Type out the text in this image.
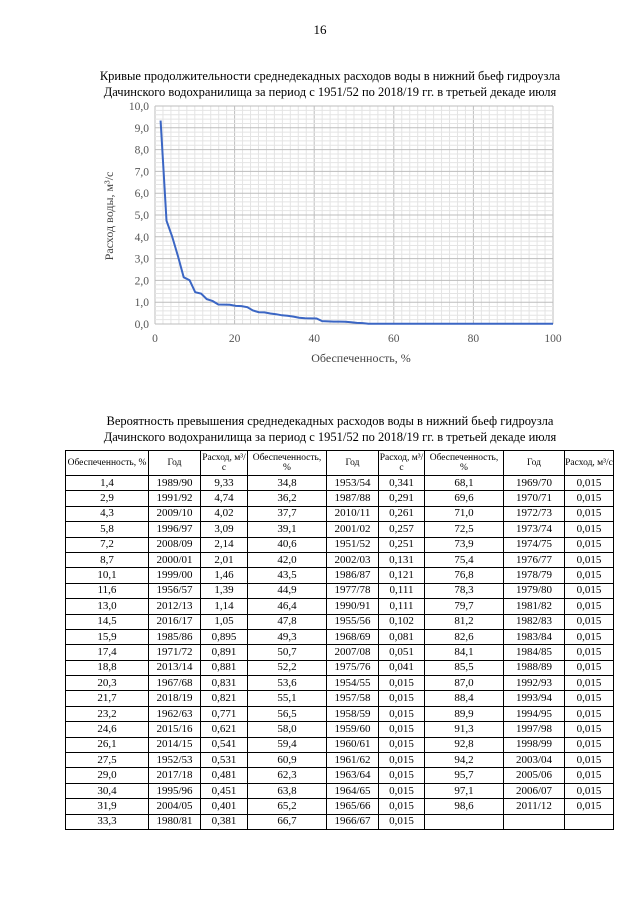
16
Кривые продолжительности среднедекадных расходов воды в нижний бьеф гидроузла
Дачинского водохранилища за период с 1951/52 по 2018/19 гг. в третьей декаде июля
0,0
1,0
2,0
3,0
4,0
5,0
6,0
7,0
8,0
9,0
10,0
0	20	40	60	80	100
Расход воды, м³/с
Обеспеченность, %
Вероятность превышения среднедекадных расходов воды в нижний бьеф гидроузла
Дачинского водохранилища за период с 1951/52 по 2018/19 гг. в третьей декаде июля
Обеспеченность, %	Год	Расход, м³/с	Обеспеченность, %	Год	Расход, м³/с	Обеспеченность, %	Год	Расход, м³/с
1,4	1989/90	9,33	34,8	1953/54	0,341	68,1	1969/70	0,015
2,9	1991/92	4,74	36,2	1987/88	0,291	69,6	1970/71	0,015
4,3	2009/10	4,02	37,7	2010/11	0,261	71,0	1972/73	0,015
5,8	1996/97	3,09	39,1	2001/02	0,257	72,5	1973/74	0,015
7,2	2008/09	2,14	40,6	1951/52	0,251	73,9	1974/75	0,015
8,7	2000/01	2,01	42,0	2002/03	0,131	75,4	1976/77	0,015
10,1	1999/00	1,46	43,5	1986/87	0,121	76,8	1978/79	0,015
11,6	1956/57	1,39	44,9	1977/78	0,111	78,3	1979/80	0,015
13,0	2012/13	1,14	46,4	1990/91	0,111	79,7	1981/82	0,015
14,5	2016/17	1,05	47,8	1955/56	0,102	81,2	1982/83	0,015
15,9	1985/86	0,895	49,3	1968/69	0,081	82,6	1983/84	0,015
17,4	1971/72	0,891	50,7	2007/08	0,051	84,1	1984/85	0,015
18,8	2013/14	0,881	52,2	1975/76	0,041	85,5	1988/89	0,015
20,3	1967/68	0,831	53,6	1954/55	0,015	87,0	1992/93	0,015
21,7	2018/19	0,821	55,1	1957/58	0,015	88,4	1993/94	0,015
23,2	1962/63	0,771	56,5	1958/59	0,015	89,9	1994/95	0,015
24,6	2015/16	0,621	58,0	1959/60	0,015	91,3	1997/98	0,015
26,1	2014/15	0,541	59,4	1960/61	0,015	92,8	1998/99	0,015
27,5	1952/53	0,531	60,9	1961/62	0,015	94,2	2003/04	0,015
29,0	2017/18	0,481	62,3	1963/64	0,015	95,7	2005/06	0,015
30,4	1995/96	0,451	63,8	1964/65	0,015	97,1	2006/07	0,015
31,9	2004/05	0,401	65,2	1965/66	0,015	98,6	2011/12	0,015
33,3	1980/81	0,381	66,7	1966/67	0,015			
